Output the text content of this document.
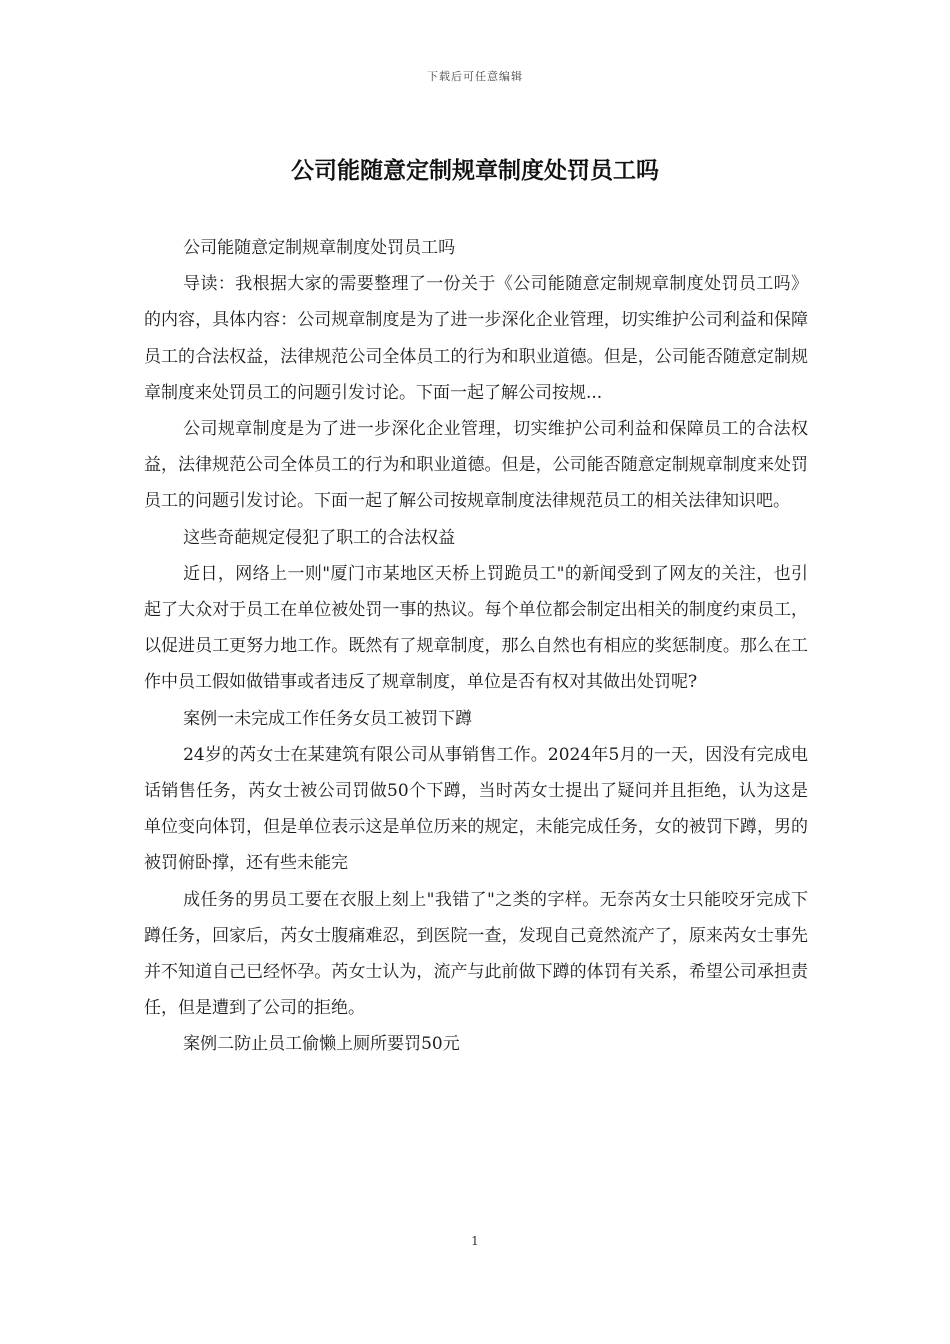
下载后可任意编辑
公司能随意定制规章制度处罚员工吗

公司能随意定制规章制度处罚员工吗

导读：我根据大家的需要整理了一份关于《公司能随意定制规章制度处罚员工吗》的内容，具体内容：公司规章制度是为了进一步深化企业管理，切实维护公司利益和保障员工的合法权益，法律规范公司全体员工的行为和职业道德。但是，公司能否随意定制规章制度来处罚员工的问题引发讨论。下面一起了解公司按规...

公司规章制度是为了进一步深化企业管理，切实维护公司利益和保障员工的合法权益，法律规范公司全体员工的行为和职业道德。但是，公司能否随意定制规章制度来处罚员工的问题引发讨论。下面一起了解公司按规章制度法律规范员工的相关法律知识吧。

这些奇葩规定侵犯了职工的合法权益

近日，网络上一则"厦门市某地区天桥上罚跪员工"的新闻受到了网友的关注，也引起了大众对于员工在单位被处罚一事的热议。每个单位都会制定出相关的制度约束员工，以促进员工更努力地工作。既然有了规章制度，那么自然也有相应的奖惩制度。那么在工作中员工假如做错事或者违反了规章制度，单位是否有权对其做出处罚呢?

案例一未完成工作任务女员工被罚下蹲

24岁的芮女士在某建筑有限公司从事销售工作。2024年5月的一天，因没有完成电话销售任务，芮女士被公司罚做50个下蹲，当时芮女士提出了疑问并且拒绝，认为这是单位变向体罚，但是单位表示这是单位历来的规定，未能完成任务，女的被罚下蹲，男的被罚俯卧撑，还有些未能完

成任务的男员工要在衣服上刻上"我错了"之类的字样。无奈芮女士只能咬牙完成下蹲任务，回家后，芮女士腹痛难忍，到医院一查，发现自己竟然流产了，原来芮女士事先并不知道自己已经怀孕。芮女士认为，流产与此前做下蹲的体罚有关系，希望公司承担责任，但是遭到了公司的拒绝。

案例二防止员工偷懒上厕所要罚50元

1
